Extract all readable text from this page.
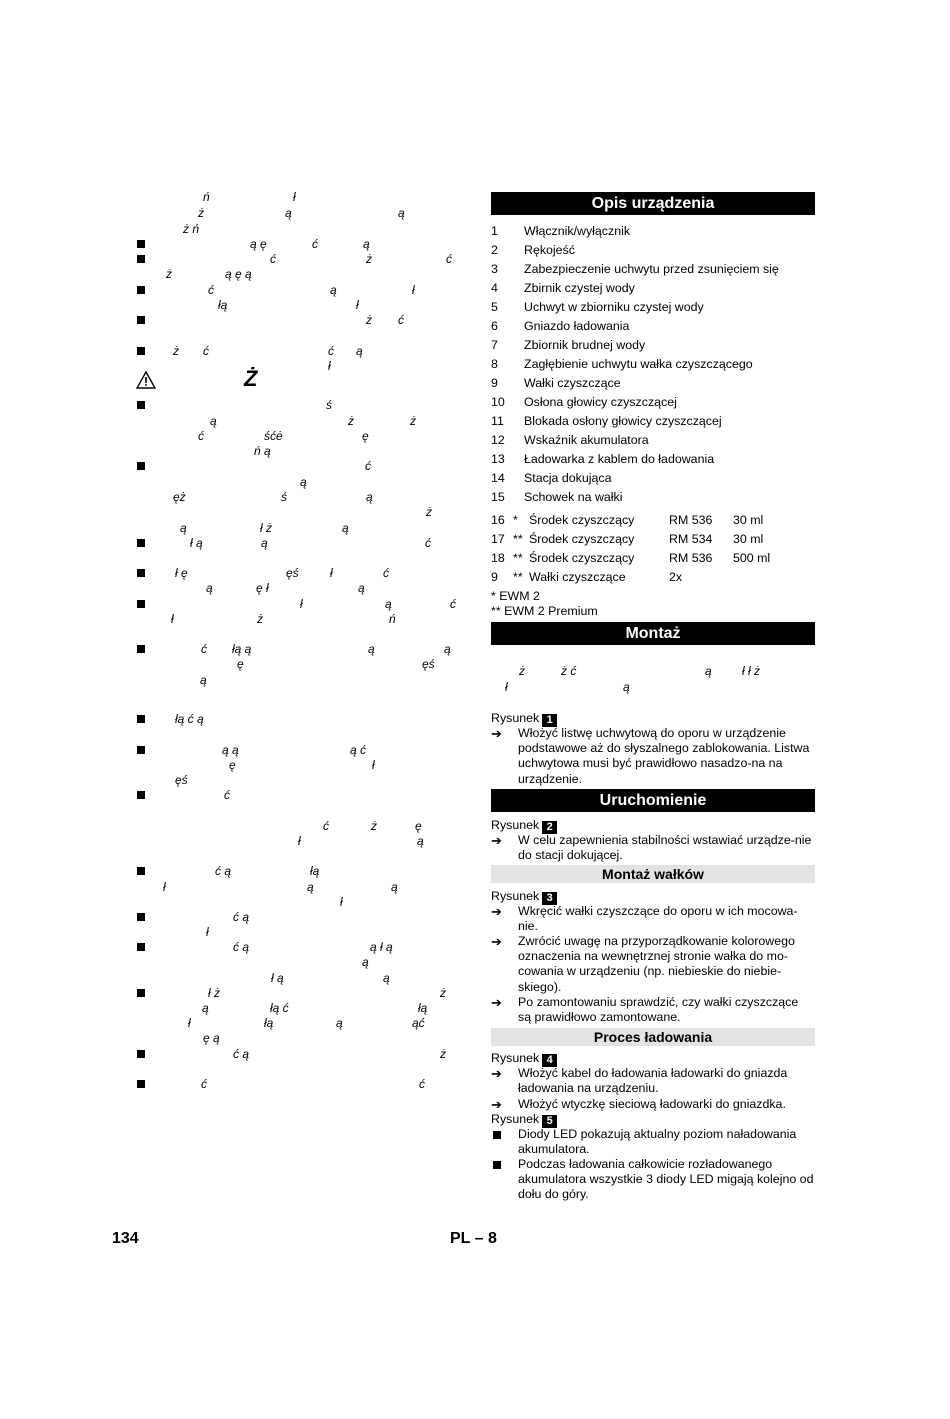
ń	ł
ż	ą	ą
ż ń
ą ę	ć	ą
ć	ż	ć
ż	ą ę ą
ć	ą	ł
łą	ł
ż ć
ż ć	ć ą
ł
ś
ą	ż	ż
ć	śćė	ę
ń ą
ć
ą
ęż	ś	ą
ż
ą	ł ż	ą
ł ą	ą	ć
ł ę	ęś	ł	ć
ą	ę ł	ą
ł	ą	ć
ł	ż	ń
ć łą ą	ą	ą
ę	ęś
ą
łą ć ą
ą ą	ą ć
ę	ł
ęś
ć
ć	ż	ę
ł	ą
ć ą	łą
ł	ą	ą
ł
ć ą
ł
ć ą	ą ł ą
ą
ł ą	ą
ł ż	ż
ą	łą ć	łą
ł	łą	ą	ąć
ę ą
ć ą	ż
ć	ć
Ż
Opis urządzenia
1	Włącznik/wyłącznik
2	Rękojeść
3	Zabezpieczenie uchwytu przed zsunięciem się
4	Zbirnik czystej wody
5	Uchwyt w zbiorniku czystej wody
6	Gniazdo ładowania
7	Zbiornik brudnej wody
8	Zagłębienie uchwytu wałka czyszczącego
9	Wałki czyszczące
10	Osłona głowicy czyszczącej
11	Blokada osłony głowicy czyszczącej
12	Wskaźnik akumulatora
13	Ładowarka z kablem do ładowania
14	Stacja dokująca
15	Schowek na wałki
16 * Środek czyszczący	RM 536 30 ml
17 ** Środek czyszczący	RM 534 30 ml
18 ** Środek czyszczący	RM 536 500 ml
9 ** Wałki czyszczące	2x
* EWM 2
** EWM 2 Premium
Montaż
ż	ż ć	ą	ł ł ż
ł	ą
Rysunek 1
➔ Włożyć listwę uchwytową do oporu w urządzenie podstawowe aż do słyszalnego zablokowania. Listwa uchwytowa musi być prawidłowo nasadzo-na na urządzenie.
Uruchomienie
Rysunek 2
➔ W celu zapewnienia stabilności wstawiać urządze-nie do stacji dokującej.
Montaż wałków
Rysunek 3
➔ Wkręcić wałki czyszczące do oporu w ich mocowa-nie.
➔ Zwrócić uwagę na przyporządkowanie kolorowego oznaczenia na wewnętrznej stronie wałka do mo-cowania w urządzeniu (np. niebieskie do niebie-skiego).
➔ Po zamontowaniu sprawdzić, czy wałki czyszczące są prawidłowo zamontowane.
Proces ładowania
Rysunek 4
➔ Włożyć kabel do ładowania ładowarki do gniazda ładowania na urządzeniu.
➔ Włożyć wtyczkę sieciową ładowarki do gniazdka.
Rysunek 5
Diody LED pokazują aktualny poziom naładowania akumulatora.
Podczas ładowania całkowicie rozładowanego akumulatora wszystkie 3 diody LED migają kolejno od dołu do góry.
134	PL – 8
